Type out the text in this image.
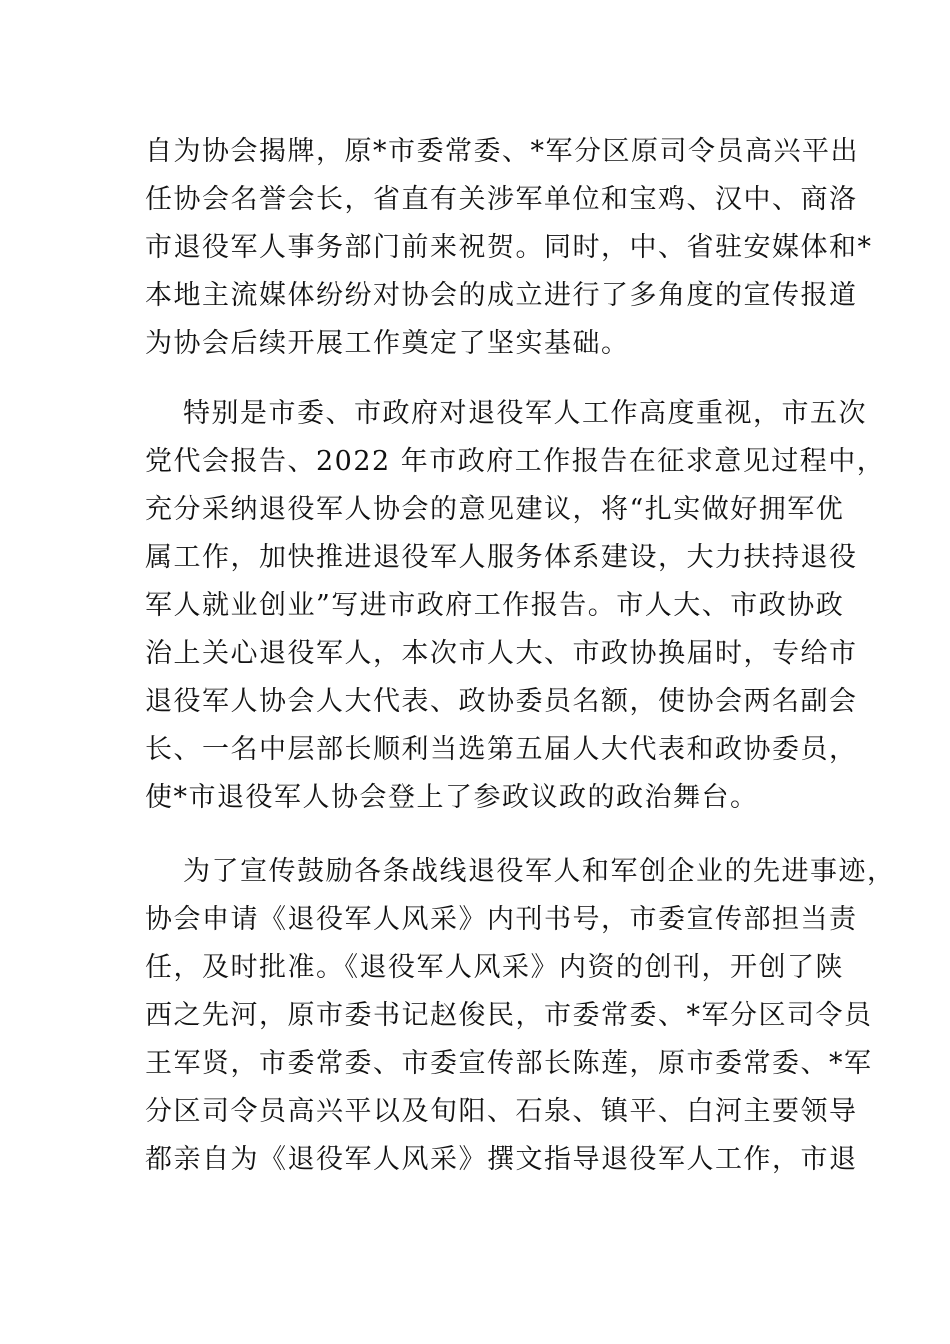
自为协会揭牌，原*市委常委、*军分区原司令员高兴平出
任协会名誉会长，省直有关涉军单位和宝鸡、汉中、商洛
市退役军人事务部门前来祝贺。同时，中、省驻安媒体和*
本地主流媒体纷纷对协会的成立进行了多角度的宣传报道
为协会后续开展工作奠定了坚实基础。
特别是市委、市政府对退役军人工作高度重视，市五次
党代会报告、2022 年市政府工作报告在征求意见过程中，
充分采纳退役军人协会的意见建议，将“扎实做好拥军优
属工作，加快推进退役军人服务体系建设，大力扶持退役
军人就业创业”写进市政府工作报告。市人大、市政协政
治上关心退役军人，本次市人大、市政协换届时，专给市
退役军人协会人大代表、政协委员名额，使协会两名副会
长、一名中层部长顺利当选第五届人大代表和政协委员，
使*市退役军人协会登上了参政议政的政治舞台。
为了宣传鼓励各条战线退役军人和军创企业的先进事迹，
协会申请《退役军人风采》内刊书号，市委宣传部担当责
任，及时批准。《退役军人风采》内资的创刊，开创了陕
西之先河，原市委书记赵俊民，市委常委、*军分区司令员
王军贤，市委常委、市委宣传部长陈莲，原市委常委、*军
分区司令员高兴平以及旬阳、石泉、镇平、白河主要领导
都亲自为《退役军人风采》撰文指导退役军人工作，市退
